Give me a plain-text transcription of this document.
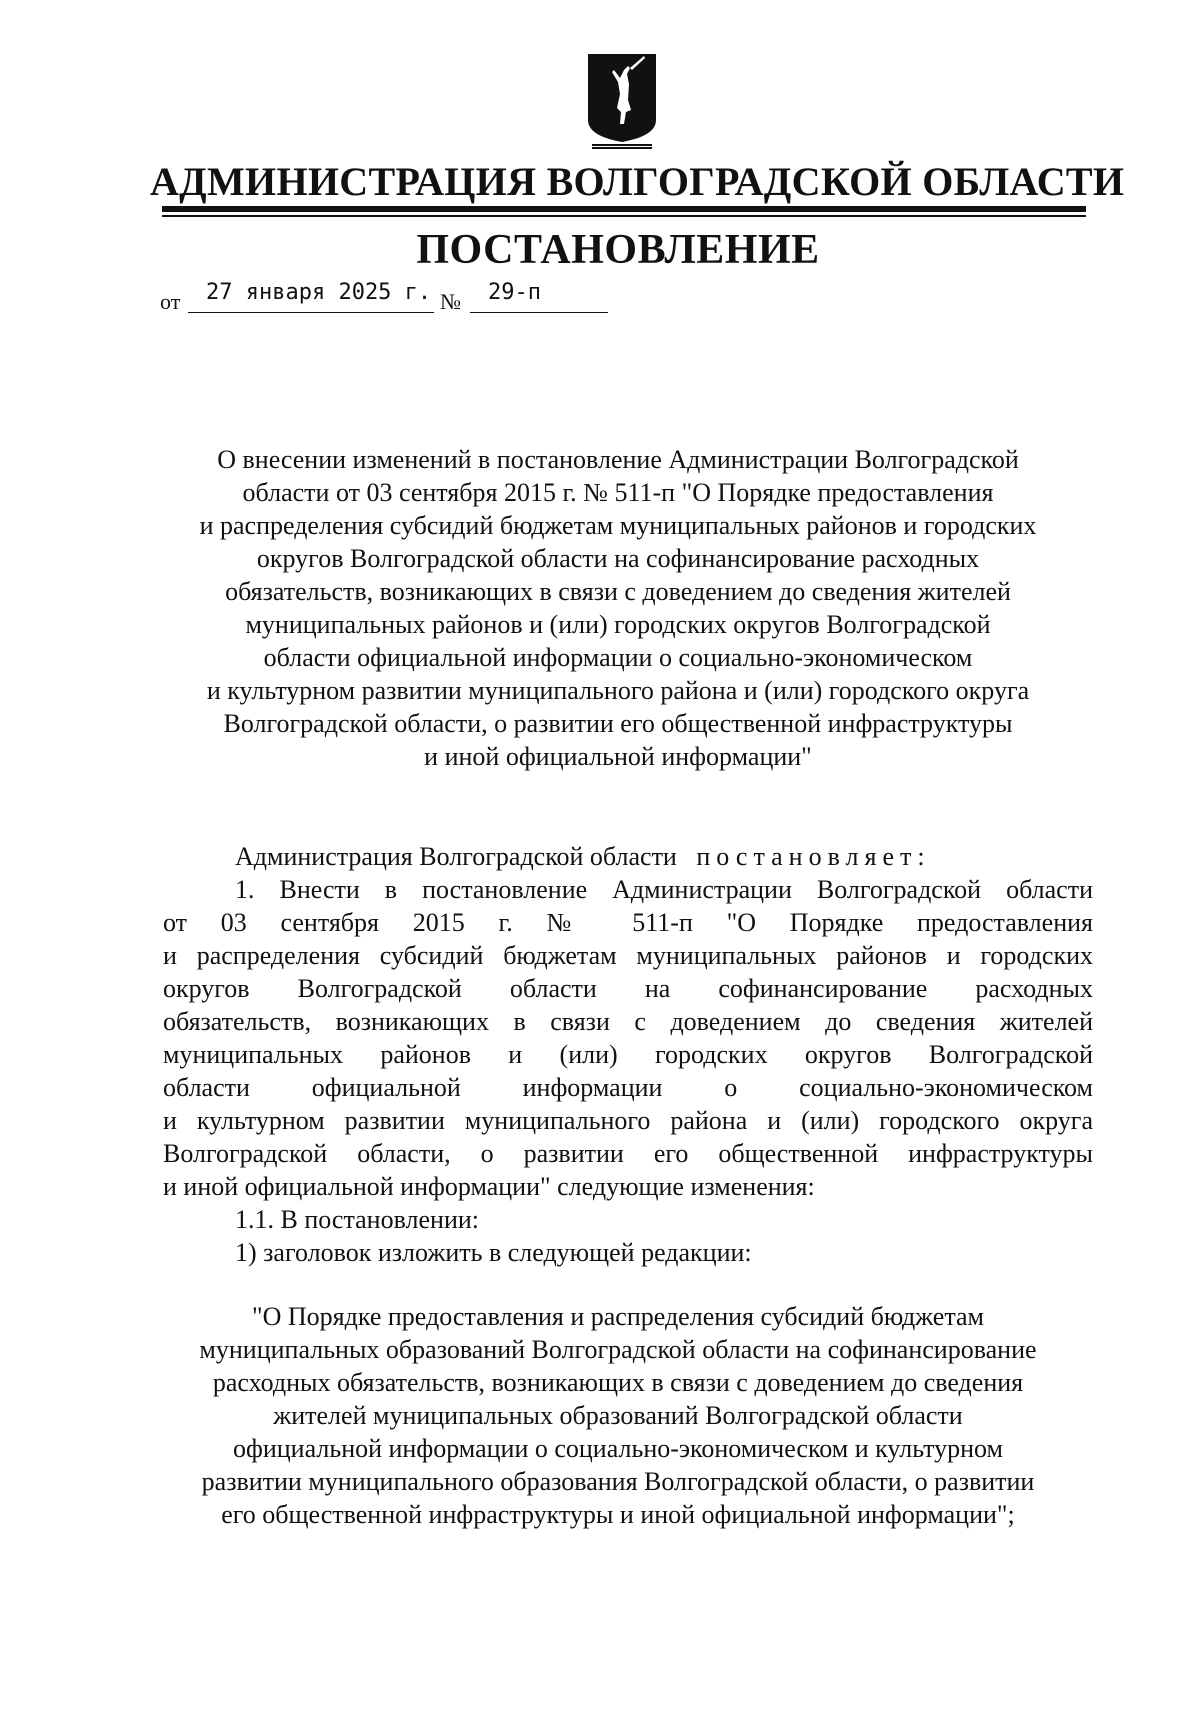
АДМИНИСТРАЦИЯ ВОЛГОГРАДСКОЙ ОБЛАСТИ
ПОСТАНОВЛЕНИЕ
от 27 января 2025 г. № 29-п
О внесении изменений в постановление Администрации Волгоградской
области от 03 сентября 2015 г. № 511-п "О Порядке предоставления
и распределения субсидий бюджетам муниципальных районов и городских
округов Волгоградской области на софинансирование расходных
обязательств, возникающих в связи с доведением до сведения жителей
муниципальных районов и (или) городских округов Волгоградской
области официальной информации о социально-экономическом
и культурном развитии муниципального района и (или) городского округа
Волгоградской области, о развитии его общественной инфраструктуры
и иной официальной информации"
Администрация Волгоградской области постановляет:
1. Внести в постановление Администрации Волгоградской области
от 03 сентября 2015 г. № 511-п "О Порядке предоставления
и распределения субсидий бюджетам муниципальных районов и городских
округов Волгоградской области на софинансирование расходных
обязательств, возникающих в связи с доведением до сведения жителей
муниципальных районов и (или) городских округов Волгоградской
области официальной информации о социально-экономическом
и культурном развитии муниципального района и (или) городского округа
Волгоградской области, о развитии его общественной инфраструктуры
и иной официальной информации" следующие изменения:
1.1. В постановлении:
1) заголовок изложить в следующей редакции:
"О Порядке предоставления и распределения субсидий бюджетам
муниципальных образований Волгоградской области на софинансирование
расходных обязательств, возникающих в связи с доведением до сведения
жителей муниципальных образований Волгоградской области
официальной информации о социально-экономическом и культурном
развитии муниципального образования Волгоградской области, о развитии
его общественной инфраструктуры и иной официальной информации";
